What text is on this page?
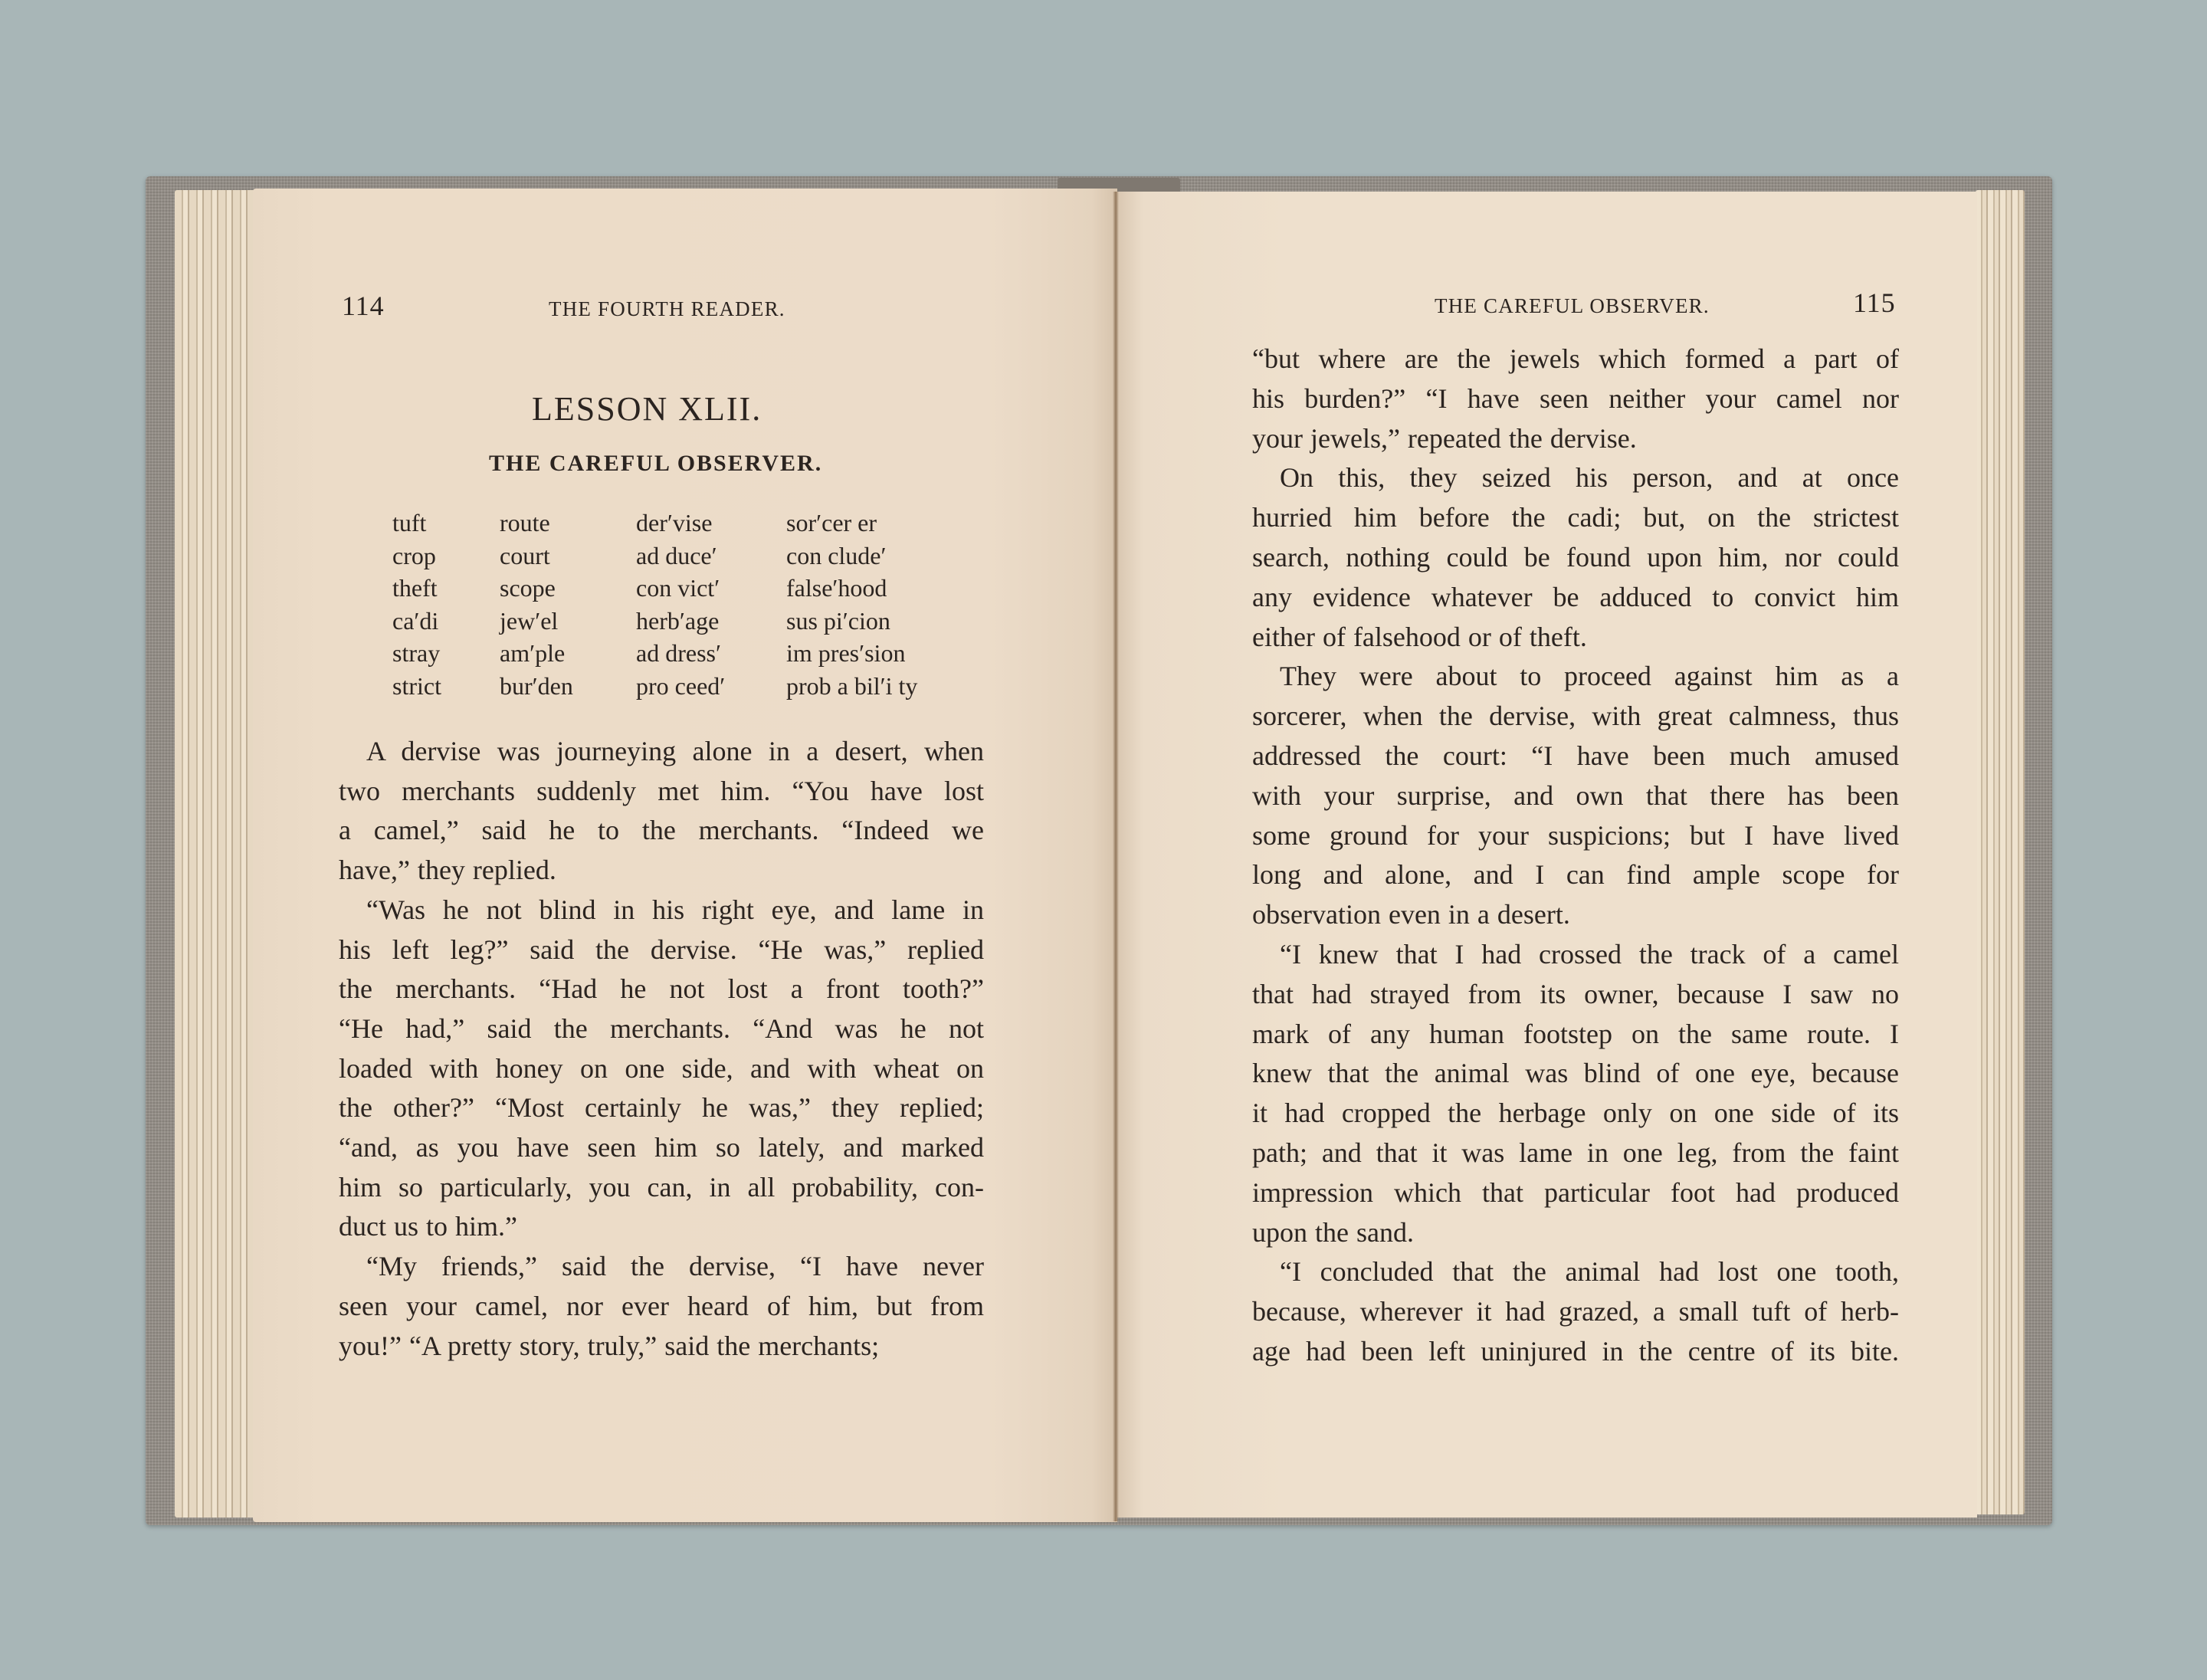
114	THE FOURTH READER.
LESSON XLII.
THE CAREFUL OBSERVER.
tuft
crop
theft
ca′di
stray
strict
route
court
scope
jew′el
am′ple
bur′den
der′vise
ad duce′
con vict′
herb′age
ad dress′
pro ceed′
sor′cer er
con clude′
false′hood
sus pi′cion
im pres′sion
prob a bil′i ty
A dervise was journeying alone in a desert, when
two merchants suddenly met him. “You have lost
a camel,” said he to the merchants. “Indeed we
have,” they replied.
“Was he not blind in his right eye, and lame in
his left leg?” said the dervise. “He was,” replied
the merchants. “Had he not lost a front tooth?”
“He had,” said the merchants. “And was he not
loaded with honey on one side, and with wheat on
the other?” “Most certainly he was,” they replied;
“and, as you have seen him so lately, and marked
him so particularly, you can, in all probability, con-
duct us to him.”
“My friends,” said the dervise, “I have never
seen your camel, nor ever heard of him, but from
you!” “A pretty story, truly,” said the merchants;
THE CAREFUL OBSERVER.	115
“but where are the jewels which formed a part of
his burden?” “I have seen neither your camel nor
your jewels,” repeated the dervise.
On this, they seized his person, and at once
hurried him before the cadi; but, on the strictest
search, nothing could be found upon him, nor could
any evidence whatever be adduced to convict him
either of falsehood or of theft.
They were about to proceed against him as a
sorcerer, when the dervise, with great calmness, thus
addressed the court: “I have been much amused
with your surprise, and own that there has been
some ground for your suspicions; but I have lived
long and alone, and I can find ample scope for
observation even in a desert.
“I knew that I had crossed the track of a camel
that had strayed from its owner, because I saw no
mark of any human footstep on the same route. I
knew that the animal was blind of one eye, because
it had cropped the herbage only on one side of its
path; and that it was lame in one leg, from the faint
impression which that particular foot had produced
upon the sand.
“I concluded that the animal had lost one tooth,
because, wherever it had grazed, a small tuft of herb-
age had been left uninjured in the centre of its bite.
